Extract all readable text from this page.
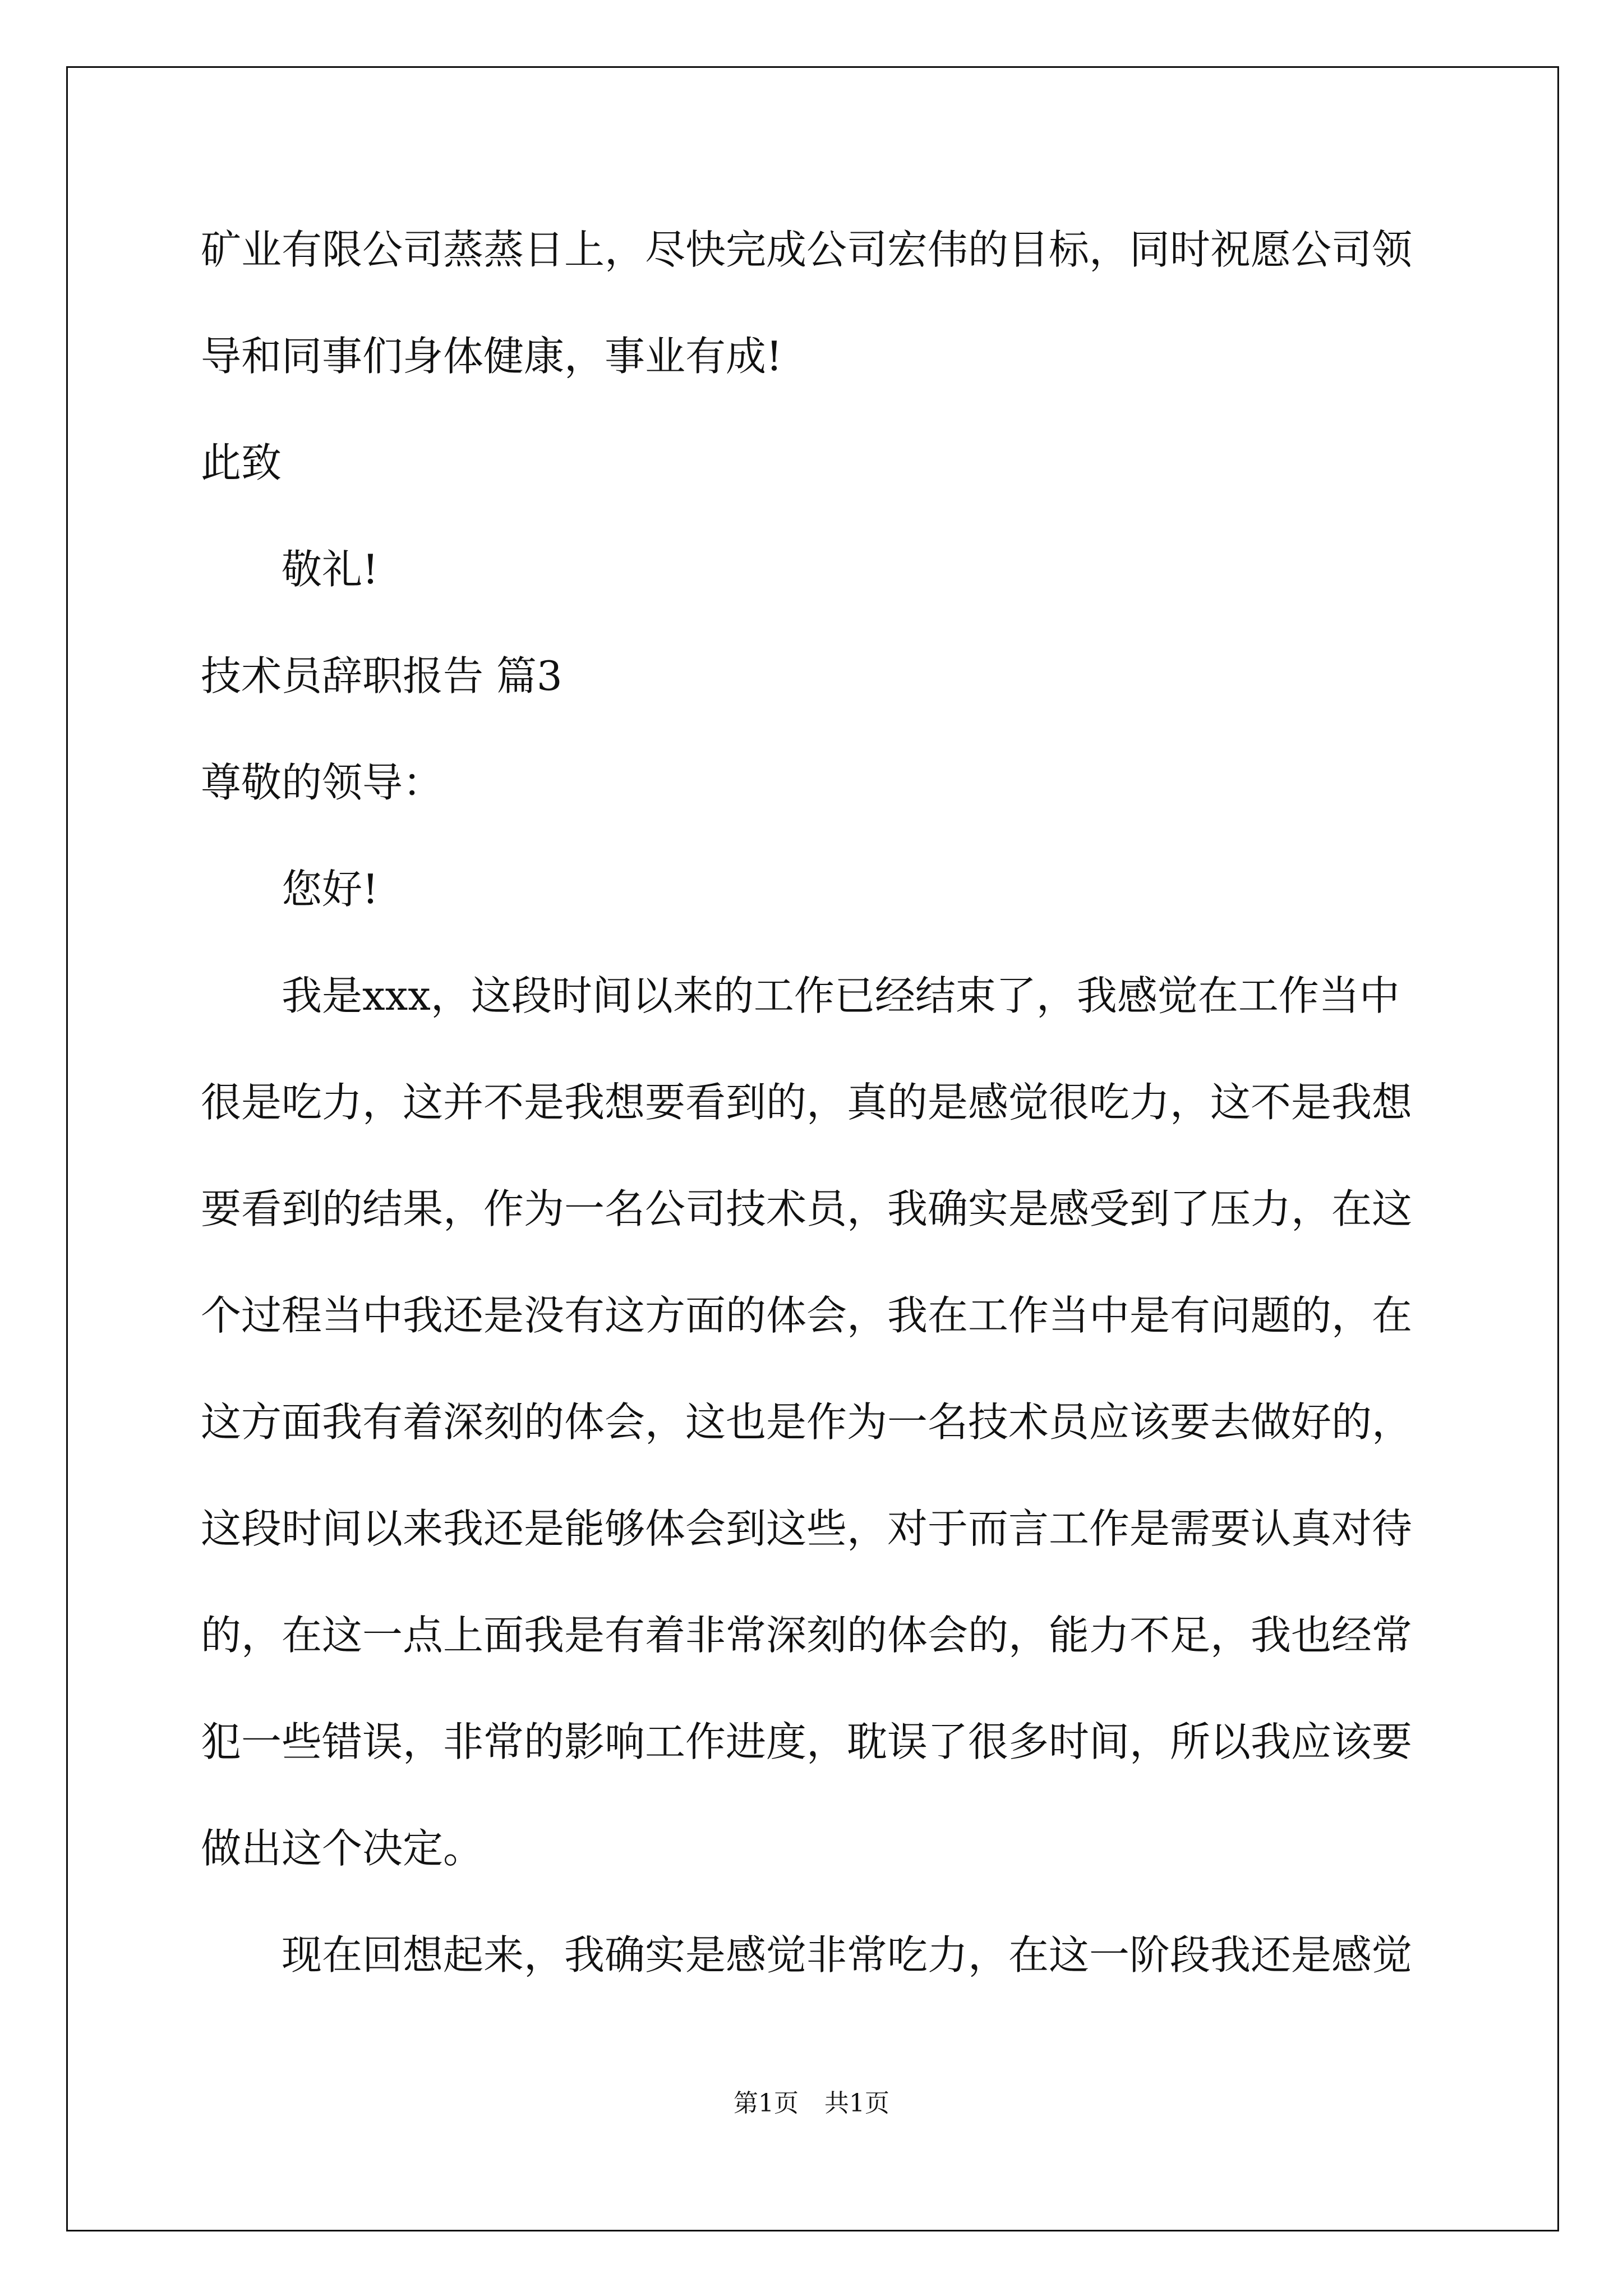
矿业有限公司蒸蒸日上，尽快完成公司宏伟的目标，同时祝愿公司领

导和同事们身体健康，事业有成!

此致

敬礼!

技术员辞职报告 篇3

尊敬的领导：

您好!

我是xxx，这段时间以来的工作已经结束了，我感觉在工作当中

很是吃力，这并不是我想要看到的，真的是感觉很吃力，这不是我想

要看到的结果，作为一名公司技术员，我确实是感受到了压力，在这

个过程当中我还是没有这方面的体会，我在工作当中是有问题的，在

这方面我有着深刻的体会，这也是作为一名技术员应该要去做好的，

这段时间以来我还是能够体会到这些，对于而言工作是需要认真对待

的，在这一点上面我是有着非常深刻的体会的，能力不足，我也经常

犯一些错误，非常的影响工作进度，耽误了很多时间，所以我应该要

做出这个决定。

现在回想起来，我确实是感觉非常吃力，在这一阶段我还是感觉

第1页 共1页
